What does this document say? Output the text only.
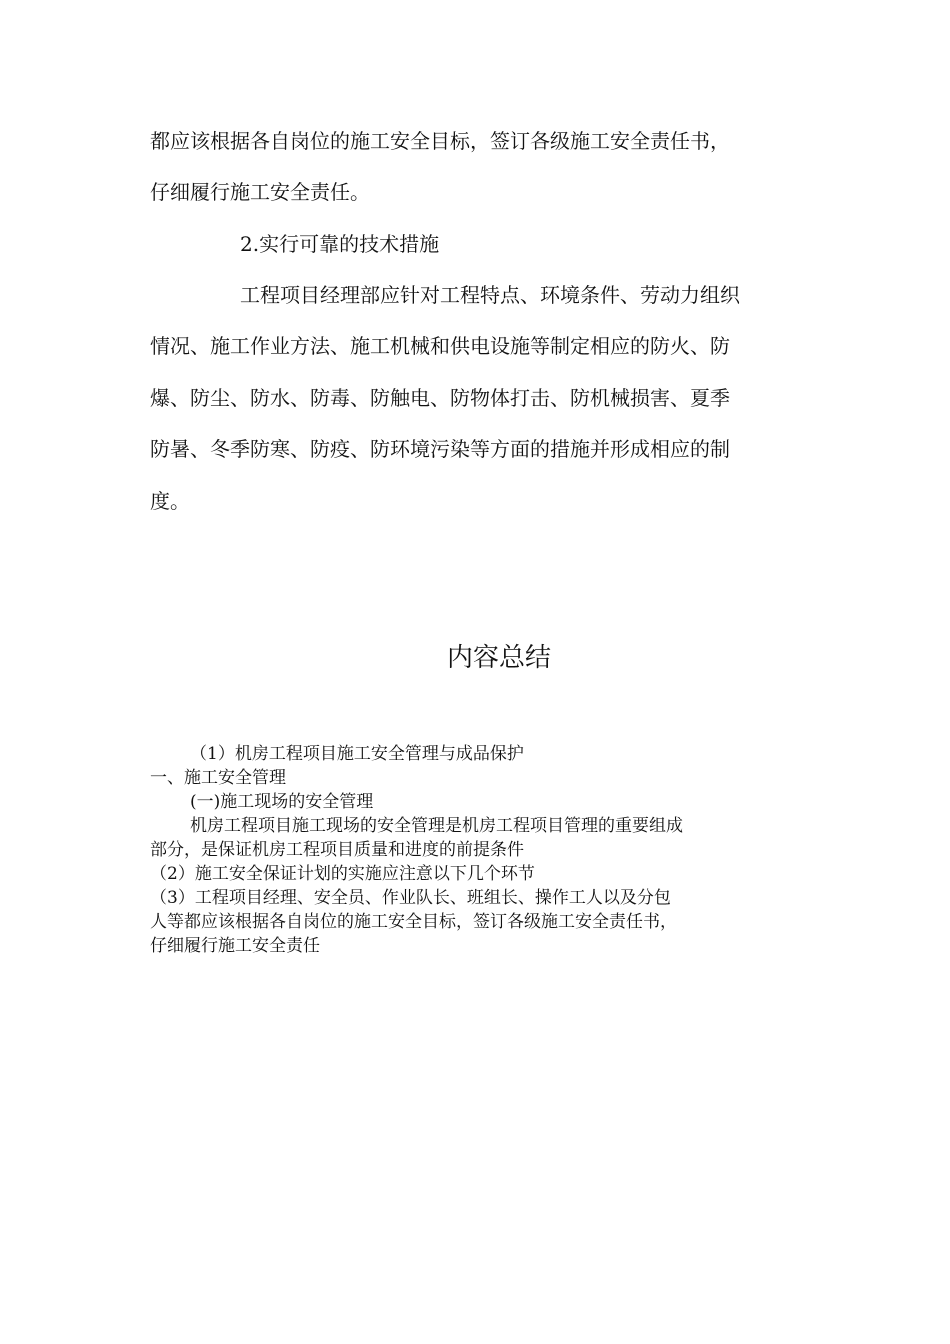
都应该根据各自岗位的施工安全目标，签订各级施工安全责任书，

仔细履行施工安全责任。

2.实行可靠的技术措施

工程项目经理部应针对工程特点、环境条件、劳动力组织

情况、施工作业方法、施工机械和供电设施等制定相应的防火、防

爆、防尘、防水、防毒、防触电、防物体打击、防机械损害、夏季

防暑、冬季防寒、防疫、防环境污染等方面的措施并形成相应的制

度。

内容总结

（1）机房工程项目施工安全管理与成品保护

一、施工安全管理

(一)施工现场的安全管理

机房工程项目施工现场的安全管理是机房工程项目管理的重要组成

部分，是保证机房工程项目质量和进度的前提条件

（2）施工安全保证计划的实施应注意以下几个环节

（3）工程项目经理、安全员、作业队长、班组长、操作工人以及分包

人等都应该根据各自岗位的施工安全目标，签订各级施工安全责任书，

仔细履行施工安全责任
